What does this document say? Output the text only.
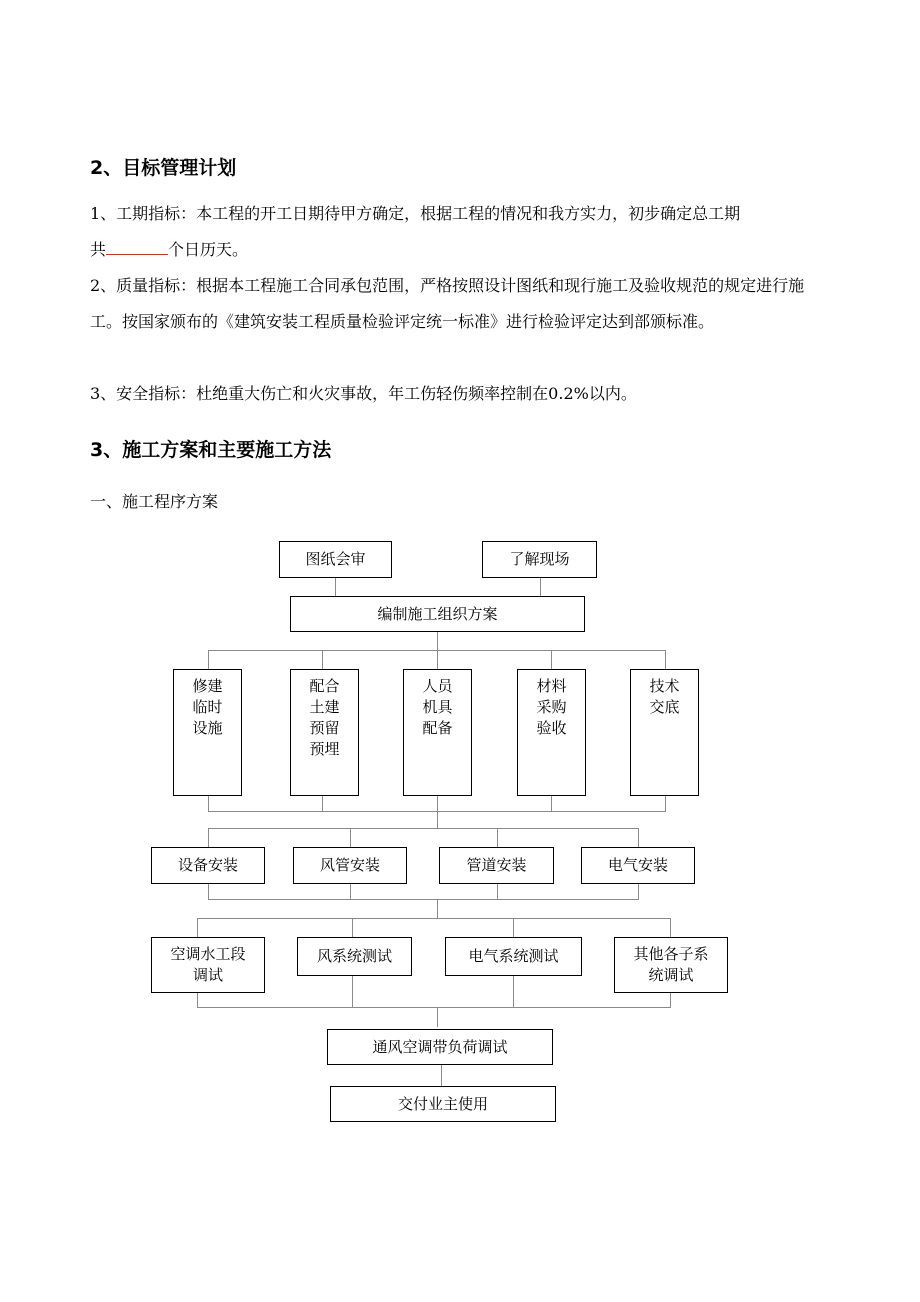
2、目标管理计划
1、工期指标：本工程的开工日期待甲方确定，根据工程的情况和我方实力，初步确定总工期
共	个日历天。
2、质量指标：根据本工程施工合同承包范围，严格按照设计图纸和现行施工及验收规范的规定进行施工。按国家颁布的《建筑安装工程质量检验评定统一标准》进行检验评定达到部颁标准。
3、安全指标：杜绝重大伤亡和火灾事故，年工伤轻伤频率控制在0.2%以内。
3、施工方案和主要施工方法
一、施工程序方案
图纸会审	了解现场
编制施工组织方案
修建临时设施
配合土建预留预埋
人员机具配备
材料采购验收
技术交底
设备安装	风管安装	管道安装	电气安装
空调水工段调试
风系统测试	电气系统测试	其他各子系统调试
通风空调带负荷调试
交付业主使用
